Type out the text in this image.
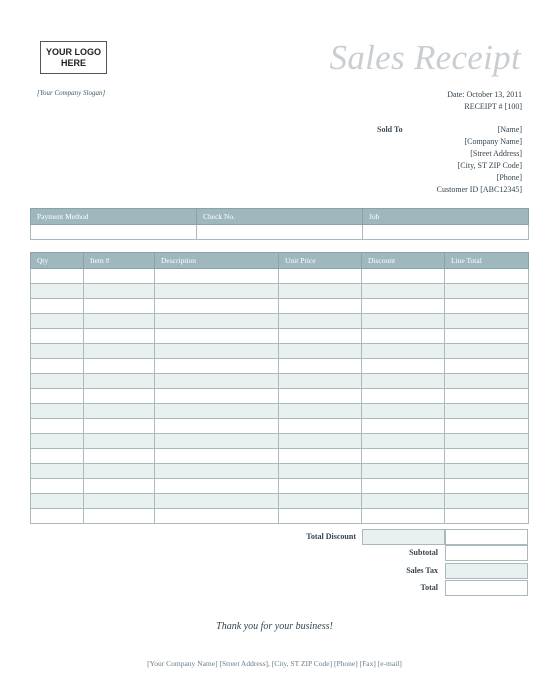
YOUR LOGO
HERE	Sales Receipt
[Your Company Slogan]	Date: October 13, 2011
RECEIPT # [100]
Sold To	[Name]
[Company Name]
[Street Address]
[City, ST ZIP Code]
[Phone]
Customer ID [ABC12345]
Payment Method	Check No.	Job

Qty	Item #	Description	Unit Price	Discount	Line Total

Total Discount
Subtotal
Sales Tax
Total
Thank you for your business!
[Your Company Name] [Street Address], [City, ST ZIP Code] [Phone] [Fax] [e-mail]
